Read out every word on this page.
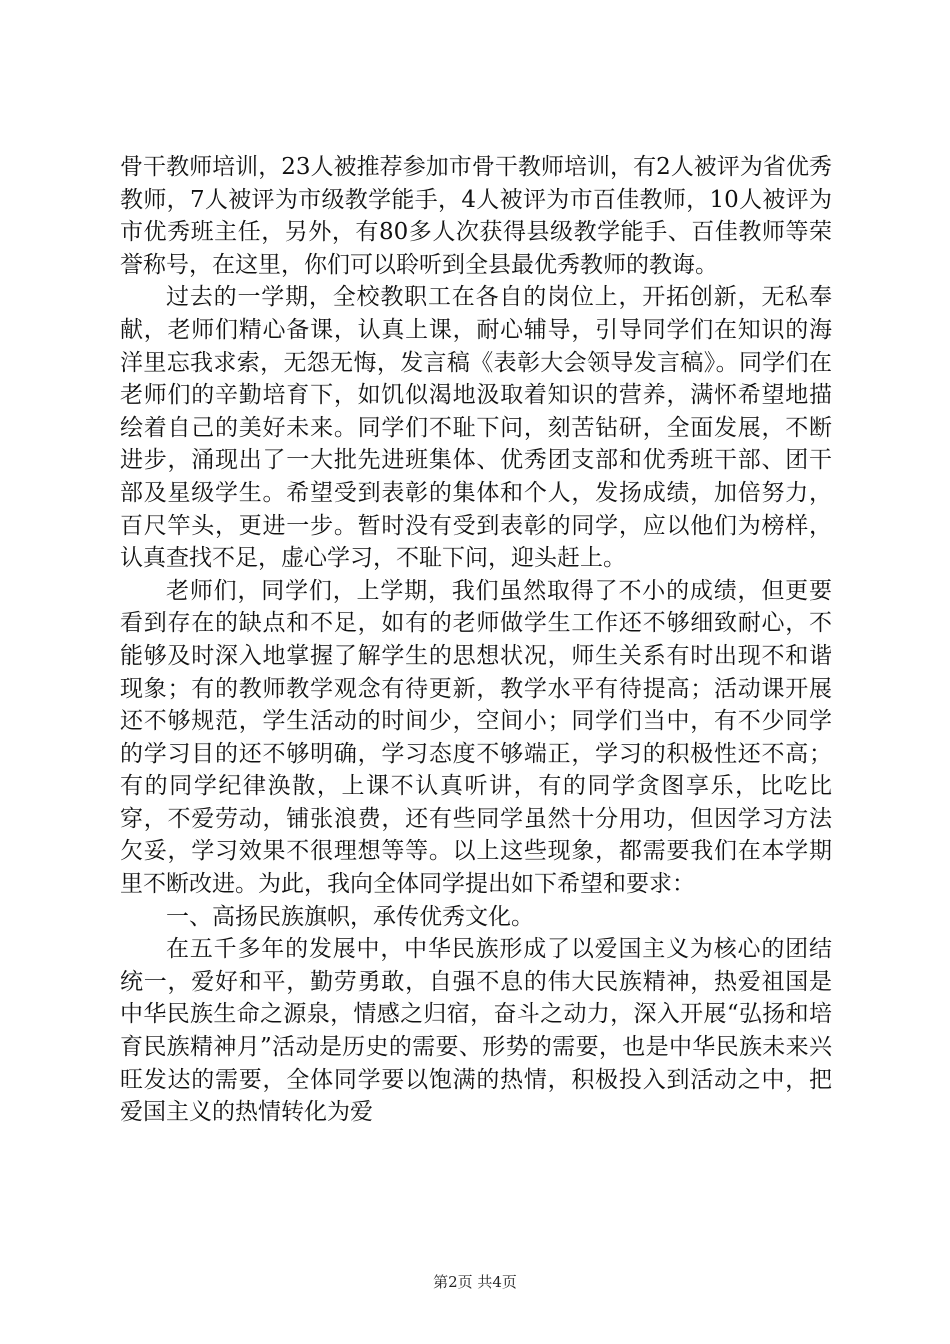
骨干教师培训，23人被推荐参加市骨干教师培训，有2人被评为省优秀教师，7人被评为市级教学能手，4人被评为市百佳教师，10人被评为市优秀班主任，另外，有80多人次获得县级教学能手、百佳教师等荣誉称号，在这里，你们可以聆听到全县最优秀教师的教诲。

过去的一学期，全校教职工在各自的岗位上，开拓创新，无私奉献，老师们精心备课，认真上课，耐心辅导，引导同学们在知识的海洋里忘我求索，无怨无悔，发言稿《表彰大会领导发言稿》。同学们在老师们的辛勤培育下，如饥似渴地汲取着知识的营养，满怀希望地描绘着自己的美好未来。同学们不耻下问，刻苦钻研，全面发展，不断进步，涌现出了一大批先进班集体、优秀团支部和优秀班干部、团干部及星级学生。希望受到表彰的集体和个人，发扬成绩，加倍努力，百尺竿头，更进一步。暂时没有受到表彰的同学，应以他们为榜样，认真查找不足，虚心学习，不耻下问，迎头赶上。

老师们，同学们，上学期，我们虽然取得了不小的成绩，但更要看到存在的缺点和不足，如有的老师做学生工作还不够细致耐心，不能够及时深入地掌握了解学生的思想状况，师生关系有时出现不和谐现象；有的教师教学观念有待更新，教学水平有待提高；活动课开展还不够规范，学生活动的时间少，空间小；同学们当中，有不少同学的学习目的还不够明确，学习态度不够端正，学习的积极性还不高；有的同学纪律涣散，上课不认真听讲，有的同学贪图享乐，比吃比穿，不爱劳动，铺张浪费，还有些同学虽然十分用功，但因学习方法欠妥，学习效果不很理想等等。以上这些现象，都需要我们在本学期里不断改进。为此，我向全体同学提出如下希望和要求：

一、高扬民族旗帜，承传优秀文化。

在五千多年的发展中，中华民族形成了以爱国主义为核心的团结统一，爱好和平，勤劳勇敢，自强不息的伟大民族精神，热爱祖国是中华民族生命之源泉，情感之归宿，奋斗之动力，深入开展“弘扬和培育民族精神月”活动是历史的需要、形势的需要，也是中华民族未来兴旺发达的需要，全体同学要以饱满的热情，积极投入到活动之中，把爱国主义的热情转化为爱

第2页 共4页
